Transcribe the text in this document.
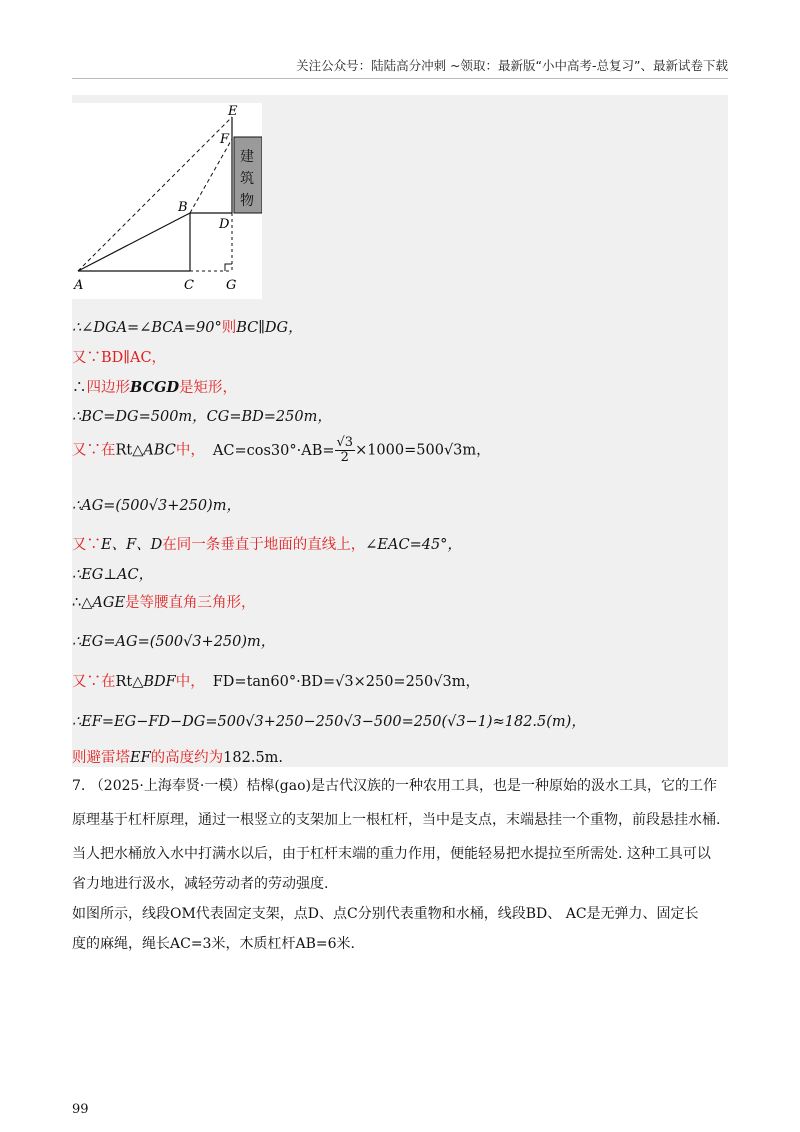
关注公众号：陆陆高分冲刺 ~领取：最新版“小中高考-总复习”、最新试卷下载
E
F
B
D
A	C G
建
筑
物
∴∠DGA=∠BCA=90°则BC∥DG，
又∵BD∥AC，
∴四边形BCGD是矩形，
∴BC=DG=500m，CG=BD=250m，
又∵在Rt△ABC中， $AC=\cos 30^\circ\cdot AB= \frac{√3}{2} \times 1000=500√3m$，
∴AG=(500√3+250)m，
又∵E、F、D在同一条垂直于地面的直线上，∠EAC=45°，
∴EG⊥AC，
∴△AGE是等腰直角三角形，
∴EG=AG=(500√3+250)m，
又∵在Rt△BDF中， FD=tan60°·BD=√3×250=250√3m，
∴EF=EG−FD−DG=500√3+250−250√3−500=250(√3−1)≈182.5(m)，
则避雷塔EF的高度约为182.5m.
7. （2025·上海奉贤·一模）桔槔(gao)是古代汉族的一种农用工具，也是一种原始的汲水工具，它的工作
原理基于杠杆原理，通过一根竖立的支架加上一根杠杆，当中是支点，末端悬挂一个重物，前段悬挂水桶.
当人把水桶放入水中打满水以后，由于杠杆末端的重力作用，便能轻易把水提拉至所需处. 这种工具可以
省力地进行汲水，减轻劳动者的劳动强度.
如图所示，线段OM代表固定支架，点D、点C分别代表重物和水桶，线段BD、 AC是无弹力、固定长
度的麻绳，绳长AC=3米，木质杠杆AB=6米.
99
